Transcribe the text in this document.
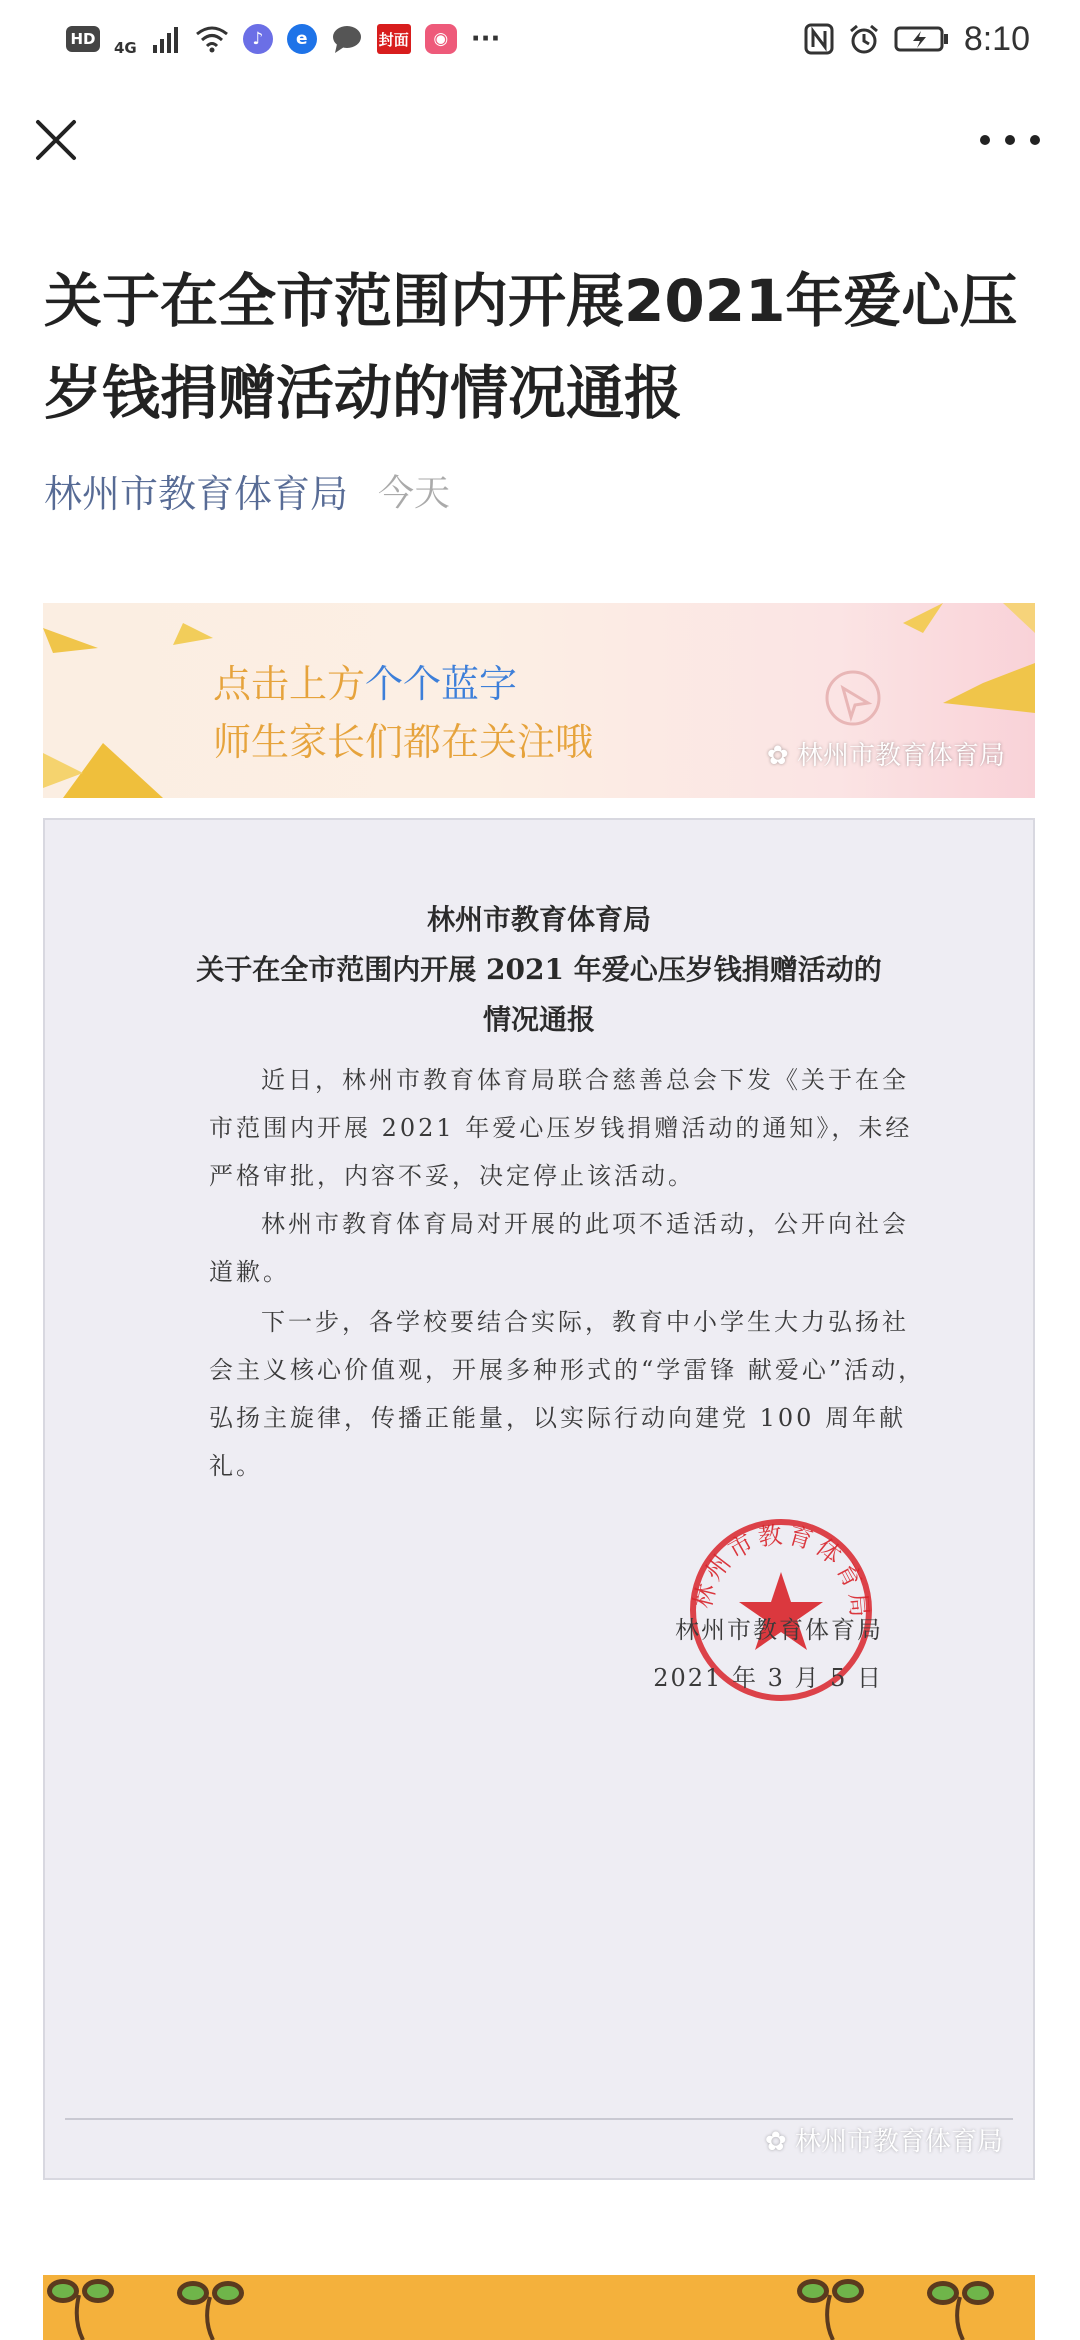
HD	4G	♪	e	封面	◉ ···	8:10
关于在全市范围内开展2021年爱心压岁钱捐赠活动的情况通报
林州市教育体育局 今天
点击上方个个蓝字
师生家长们都在关注哦	✿ 林州市教育体育局
林州市教育体育局
关于在全市范围内开展 2021 年爱心压岁钱捐赠活动的
情况通报

近日，林州市教育体育局联合慈善总会下发《关于在全市范围内开展 2021 年爱心压岁钱捐赠活动的通知》，未经严格审批，内容不妥，决定停止该活动。

林州市教育体育局对开展的此项不适活动，公开向社会道歉。

下一步，各学校要结合实际，教育中小学生大力弘扬社会主义核心价值观，开展多种形式的“学雷锋 献爱心”活动，弘扬主旋律，传播正能量，以实际行动向建党 100 周年献礼。

林州市教育体育局
林州市教育体育局
2021 年 3 月 5 日
✿ 林州市教育体育局
